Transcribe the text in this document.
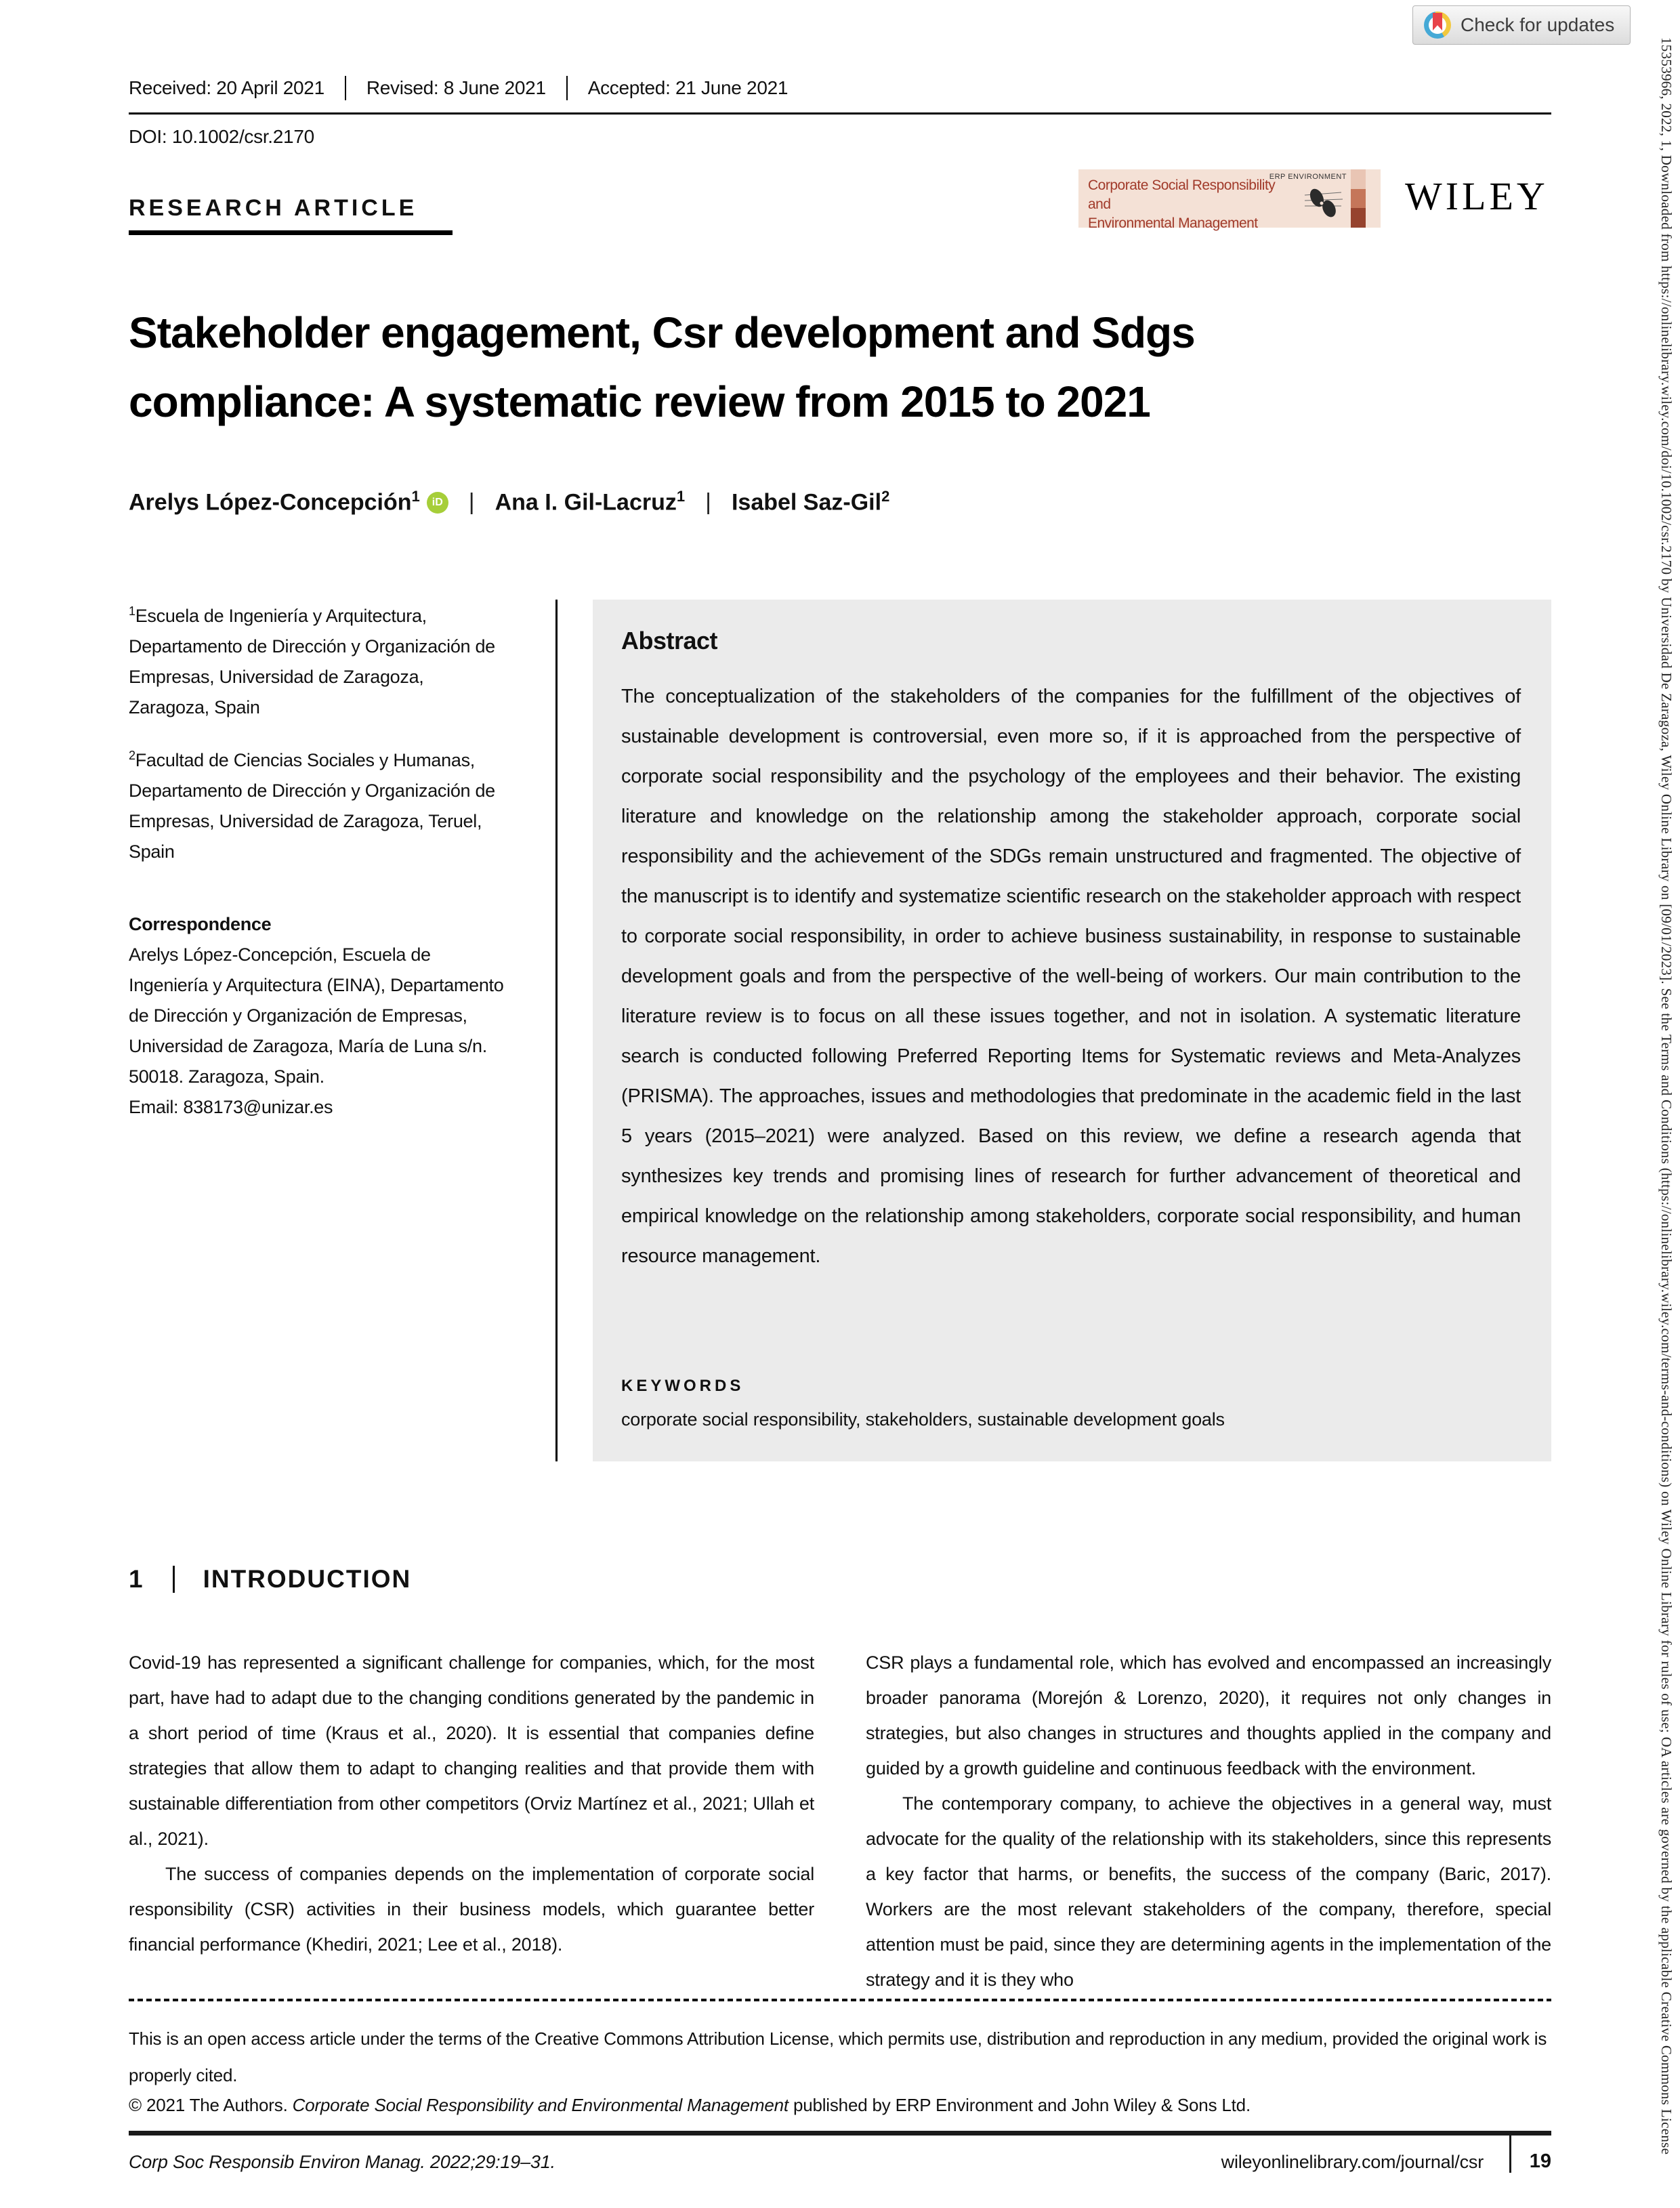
Received: 20 April 2021 Revised: 8 June 2021 Accepted: 21 June 2021
DOI: 10.1002/csr.2170
Check for updates
RESEARCH ARTICLE
Corporate Social Responsibility and
Environmental Management
ERP ENVIRONMENT WILEY
Stakeholder engagement, Csr development and Sdgs
compliance: A systematic review from 2015 to 2021
Arelys López-Concepción$^1$ iD | Ana I. Gil-Lacruz$^1$ | Isabel Saz-Gil$^2$
$^1$Escuela de Ingeniería y Arquitectura, Departamento de Dirección y Organización de Empresas, Universidad de Zaragoza, Zaragoza, Spain
$^2$Facultad de Ciencias Sociales y Humanas, Departamento de Dirección y Organización de Empresas, Universidad de Zaragoza, Teruel, Spain
Correspondence
Arelys López-Concepción, Escuela de Ingeniería y Arquitectura (EINA), Departamento de Dirección y Organización de Empresas, Universidad de Zaragoza, María de Luna s/n. 50018. Zaragoza, Spain.
Email: 838173@unizar.es
Abstract
The conceptualization of the stakeholders of the companies for the fulfillment of the objectives of sustainable development is controversial, even more so, if it is approached from the perspective of corporate social responsibility and the psychology of the employees and their behavior. The existing literature and knowledge on the relationship among the stakeholder approach, corporate social responsibility and the achievement of the SDGs remain unstructured and fragmented. The objective of the manuscript is to identify and systematize scientific research on the stakeholder approach with respect to corporate social responsibility, in order to achieve business sustainability, in response to sustainable development goals and from the perspective of the well-being of workers. Our main contribution to the literature review is to focus on all these issues together, and not in isolation. A systematic literature search is conducted following Preferred Reporting Items for Systematic reviews and Meta-Analyzes (PRISMA). The approaches, issues and methodologies that predominate in the academic field in the last 5 years (2015–2021) were analyzed. Based on this review, we define a research agenda that synthesizes key trends and promising lines of research for further advancement of theoretical and empirical knowledge on the relationship among stakeholders, corporate social responsibility, and human resource management.
KEYWORDS
corporate social responsibility, stakeholders, sustainable development goals
1 INTRODUCTION

Covid-19 has represented a significant challenge for companies, which, for the most part, have had to adapt due to the changing conditions generated by the pandemic in a short period of time (Kraus et al., 2020). It is essential that companies define strategies that allow them to adapt to changing realities and that provide them with sustainable differentiation from other competitors (Orviz Martínez et al., 2021; Ullah et al., 2021).

The success of companies depends on the implementation of corporate social responsibility (CSR) activities in their business models, which guarantee better financial performance (Khediri, 2021; Lee et al., 2018).

CSR plays a fundamental role, which has evolved and encompassed an increasingly broader panorama (Morejón & Lorenzo, 2020), it requires not only changes in strategies, but also changes in structures and thoughts applied in the company and guided by a growth guideline and continuous feedback with the environment.

The contemporary company, to achieve the objectives in a general way, must advocate for the quality of the relationship with its stakeholders, since this represents a key factor that harms, or benefits, the success of the company (Baric, 2017). Workers are the most relevant stakeholders of the company, therefore, special attention must be paid, since they are determining agents in the implementation of the strategy and it is they who

This is an open access article under the terms of the Creative Commons Attribution License, which permits use, distribution and reproduction in any medium, provided the original work is properly cited.
© 2021 The Authors. Corporate Social Responsibility and Environmental Management published by ERP Environment and John Wiley & Sons Ltd.
Corp Soc Responsib Environ Manag. 2022;29:19–31.	wileyonlinelibrary.com/journal/csr	19
15353966, 2022, 1, Downloaded from https://onlinelibrary.wiley.com/doi/10.1002/csr.2170 by Universidad De Zaragoza, Wiley Online Library on [09/01/2023]. See the Terms and Conditions (https://onlinelibrary.wiley.com/terms-and-conditions) on Wiley Online Library for rules of use; OA articles are governed by the applicable Creative Commons License
